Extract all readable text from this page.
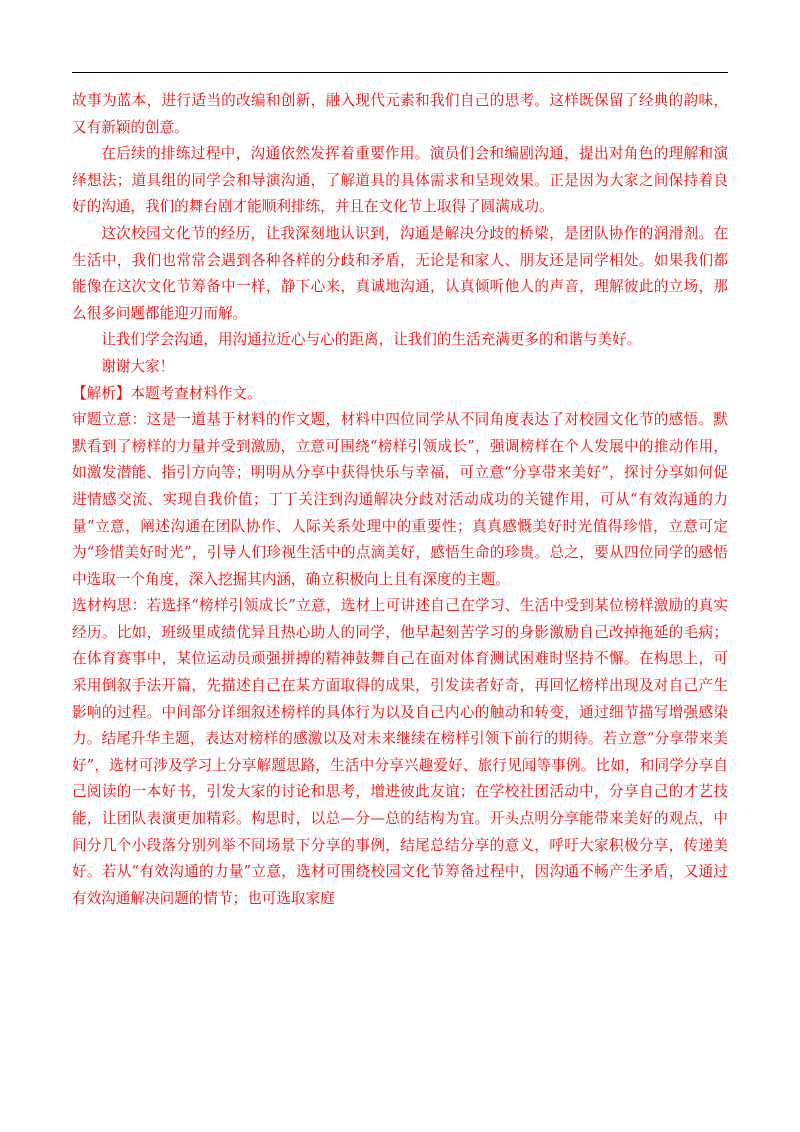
故事为蓝本，进行适当的改编和创新，融入现代元素和我们自己的思考。这样既保留了经典的韵味，又有新颖的创意。

在后续的排练过程中，沟通依然发挥着重要作用。演员们会和编剧沟通，提出对角色的理解和演绎想法；道具组的同学会和导演沟通，了解道具的具体需求和呈现效果。正是因为大家之间保持着良好的沟通，我们的舞台剧才能顺利排练，并且在文化节上取得了圆满成功。

这次校园文化节的经历，让我深刻地认识到，沟通是解决分歧的桥梁，是团队协作的润滑剂。在生活中，我们也常常会遇到各种各样的分歧和矛盾，无论是和家人、朋友还是同学相处。如果我们都能像在这次文化节筹备中一样，静下心来，真诚地沟通，认真倾听他人的声音，理解彼此的立场，那么很多问题都能迎刃而解。

让我们学会沟通，用沟通拉近心与心的距离，让我们的生活充满更多的和谐与美好。

谢谢大家！

【解析】本题考查材料作文。

审题立意：这是一道基于材料的作文题，材料中四位同学从不同角度表达了对校园文化节的感悟。默默看到了榜样的力量并受到激励，立意可围绕“榜样引领成长”，强调榜样在个人发展中的推动作用，如激发潜能、指引方向等；明明从分享中获得快乐与幸福，可立意“分享带来美好”，探讨分享如何促进情感交流、实现自我价值；丁丁关注到沟通解决分歧对活动成功的关键作用，可从“有效沟通的力量”立意，阐述沟通在团队协作、人际关系处理中的重要性；真真感慨美好时光值得珍惜，立意可定为“珍惜美好时光”，引导人们珍视生活中的点滴美好，感悟生命的珍贵。总之，要从四位同学的感悟中选取一个角度，深入挖掘其内涵，确立积极向上且有深度的主题。

选材构思：若选择“榜样引领成长”立意，选材上可讲述自己在学习、生活中受到某位榜样激励的真实经历。比如，班级里成绩优异且热心助人的同学，他早起刻苦学习的身影激励自己改掉拖延的毛病；在体育赛事中，某位运动员顽强拼搏的精神鼓舞自己在面对体育测试困难时坚持不懈。在构思上，可采用倒叙手法开篇，先描述自己在某方面取得的成果，引发读者好奇，再回忆榜样出现及对自己产生影响的过程。中间部分详细叙述榜样的具体行为以及自己内心的触动和转变，通过细节描写增强感染力。结尾升华主题，表达对榜样的感激以及对未来继续在榜样引领下前行的期待。若立意“分享带来美好”，选材可涉及学习上分享解题思路，生活中分享兴趣爱好、旅行见闻等事例。比如，和同学分享自己阅读的一本好书，引发大家的讨论和思考，增进彼此友谊；在学校社团活动中，分享自己的才艺技能，让团队表演更加精彩。构思时，以总—分—总的结构为宜。开头点明分享能带来美好的观点，中间分几个小段落分别列举不同场景下分享的事例，结尾总结分享的意义，呼吁大家积极分享，传递美好。若从“有效沟通的力量”立意，选材可围绕校园文化节筹备过程中，因沟通不畅产生矛盾，又通过有效沟通解决问题的情节；也可选取家庭
